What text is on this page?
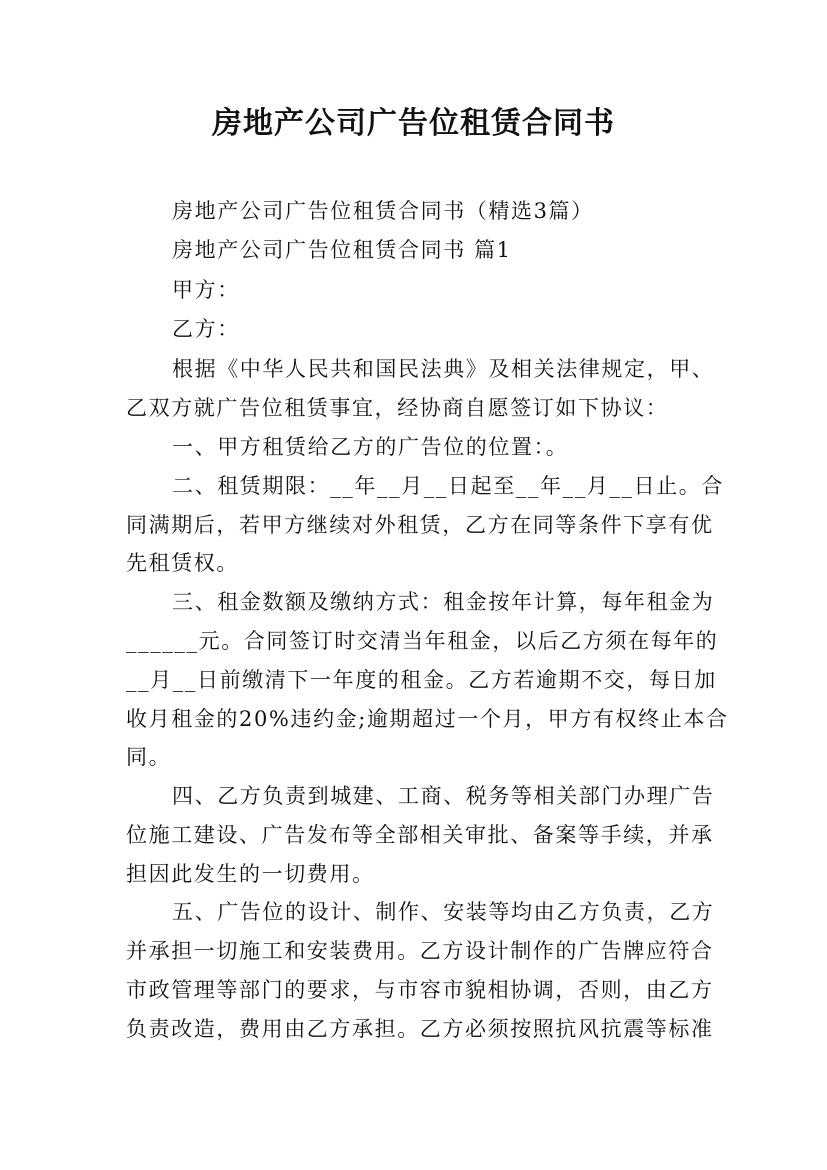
房地产公司广告位租赁合同书
房地产公司广告位租赁合同书（精选3篇）
房地产公司广告位租赁合同书 篇1
甲方：
乙方：
根据《中华人民共和国民法典》及相关法律规定，甲、
乙双方就广告位租赁事宜，经协商自愿签订如下协议：
一、甲方租赁给乙方的广告位的位置：。
二、租赁期限：__年__月__日起至__年__月__日止。合
同满期后，若甲方继续对外租赁，乙方在同等条件下享有优
先租赁权。
三、租金数额及缴纳方式：租金按年计算，每年租金为
______元。合同签订时交清当年租金，以后乙方须在每年的
__月__日前缴清下一年度的租金。乙方若逾期不交，每日加
收月租金的20%违约金;逾期超过一个月，甲方有权终止本合
同。
四、乙方负责到城建、工商、税务等相关部门办理广告
位施工建设、广告发布等全部相关审批、备案等手续，并承
担因此发生的一切费用。
五、广告位的设计、制作、安装等均由乙方负责，乙方
并承担一切施工和安装费用。乙方设计制作的广告牌应符合
市政管理等部门的要求，与市容市貌相协调，否则，由乙方
负责改造，费用由乙方承担。乙方必须按照抗风抗震等标准
